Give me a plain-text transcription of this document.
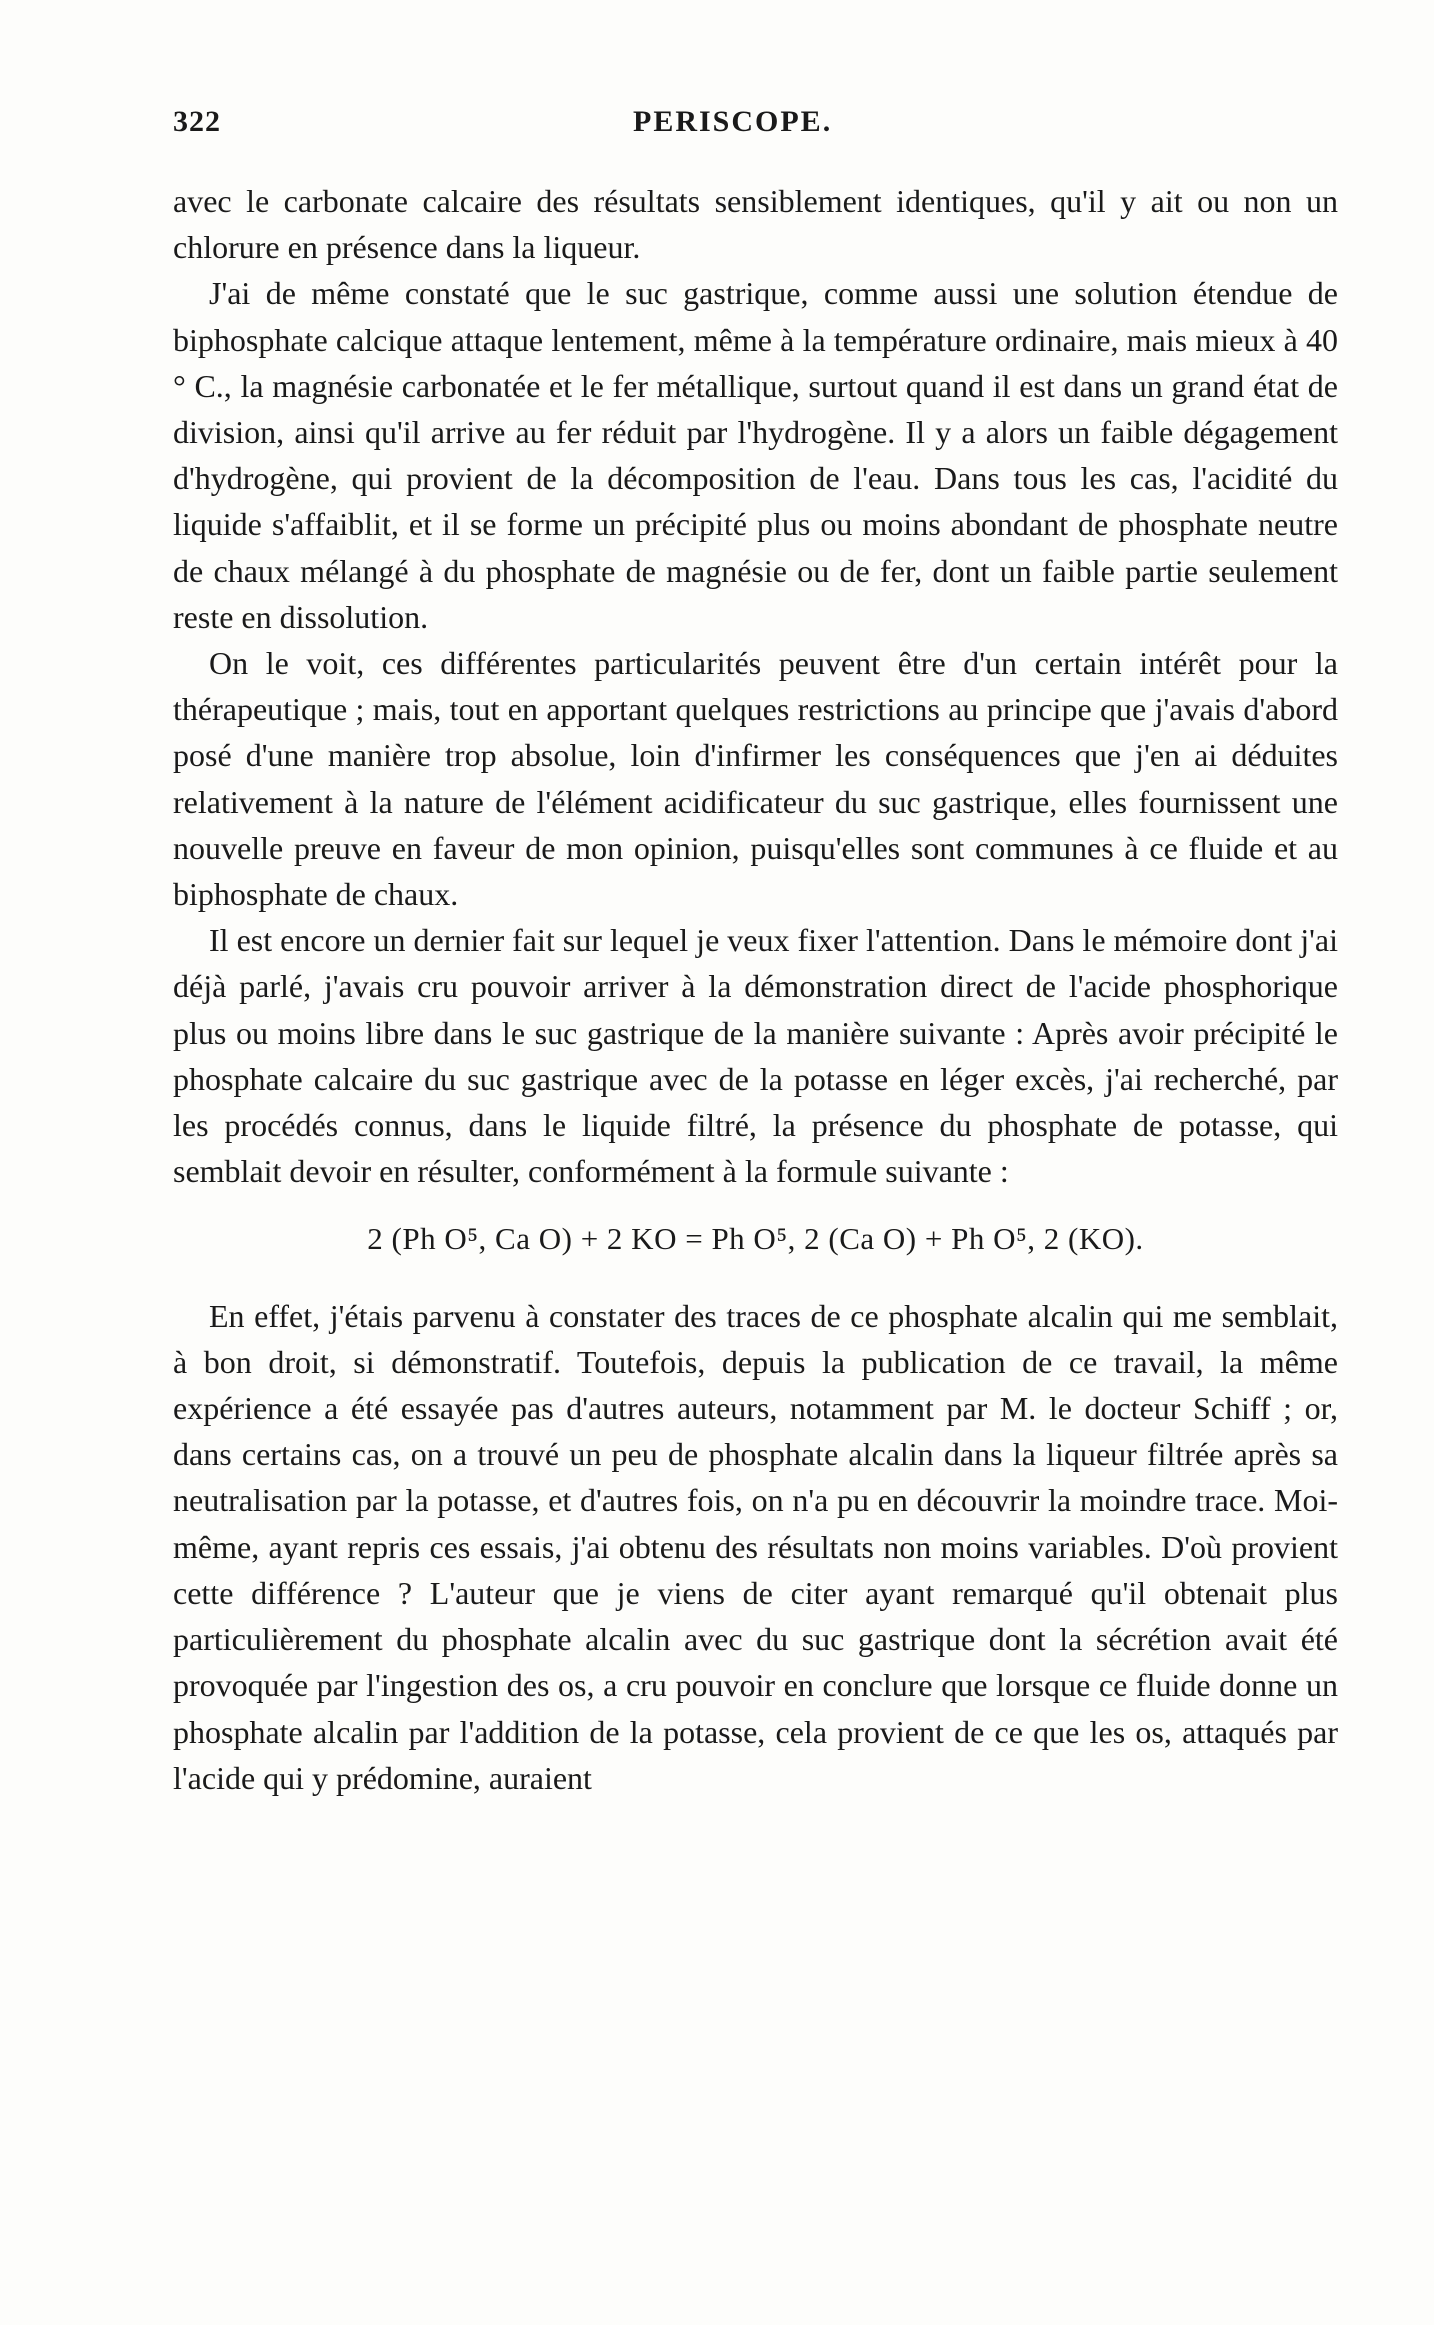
322	PERISCOPE.

avec le carbonate calcaire des résultats sensiblement identiques, qu'il y ait ou non un chlorure en présence dans la liqueur.

J'ai de même constaté que le suc gastrique, comme aussi une solution étendue de biphosphate calcique attaque lentement, même à la température ordinaire, mais mieux à 40 ° C., la magnésie carbonatée et le fer métallique, surtout quand il est dans un grand état de division, ainsi qu'il arrive au fer réduit par l'hydrogène. Il y a alors un faible dégagement d'hydrogène, qui provient de la décomposition de l'eau. Dans tous les cas, l'acidité du liquide s'affaiblit, et il se forme un précipité plus ou moins abondant de phosphate neutre de chaux mélangé à du phosphate de magnésie ou de fer, dont un faible partie seulement reste en dissolution.

On le voit, ces différentes particularités peuvent être d'un certain intérêt pour la thérapeutique ; mais, tout en apportant quelques restrictions au principe que j'avais d'abord posé d'une manière trop absolue, loin d'infirmer les conséquences que j'en ai déduites relativement à la nature de l'élément acidificateur du suc gastrique, elles fournissent une nouvelle preuve en faveur de mon opinion, puisqu'elles sont communes à ce fluide et au biphosphate de chaux.

Il est encore un dernier fait sur lequel je veux fixer l'attention. Dans le mémoire dont j'ai déjà parlé, j'avais cru pouvoir arriver à la démonstration direct de l'acide phosphorique plus ou moins libre dans le suc gastrique de la manière suivante : Après avoir précipité le phosphate calcaire du suc gastrique avec de la potasse en léger excès, j'ai recherché, par les procédés connus, dans le liquide filtré, la présence du phosphate de potasse, qui semblait devoir en résulter, conformément à la formule suivante :

2 (Ph O⁵, Ca O) + 2 KO = Ph O⁵, 2 (Ca O) + Ph O⁵, 2 (KO).

En effet, j'étais parvenu à constater des traces de ce phosphate alcalin qui me semblait, à bon droit, si démonstratif. Toutefois, depuis la publication de ce travail, la même expérience a été essayée pas d'autres auteurs, notamment par M. le docteur Schiff ; or, dans certains cas, on a trouvé un peu de phosphate alcalin dans la liqueur filtrée après sa neutralisation par la potasse, et d'autres fois, on n'a pu en découvrir la moindre trace. Moi-même, ayant repris ces essais, j'ai obtenu des résultats non moins variables. D'où provient cette différence ? L'auteur que je viens de citer ayant remarqué qu'il obtenait plus particulièrement du phosphate alcalin avec du suc gastrique dont la sécrétion avait été provoquée par l'ingestion des os, a cru pouvoir en conclure que lorsque ce fluide donne un phosphate alcalin par l'addition de la potasse, cela provient de ce que les os, attaqués par l'acide qui y prédomine, auraient
